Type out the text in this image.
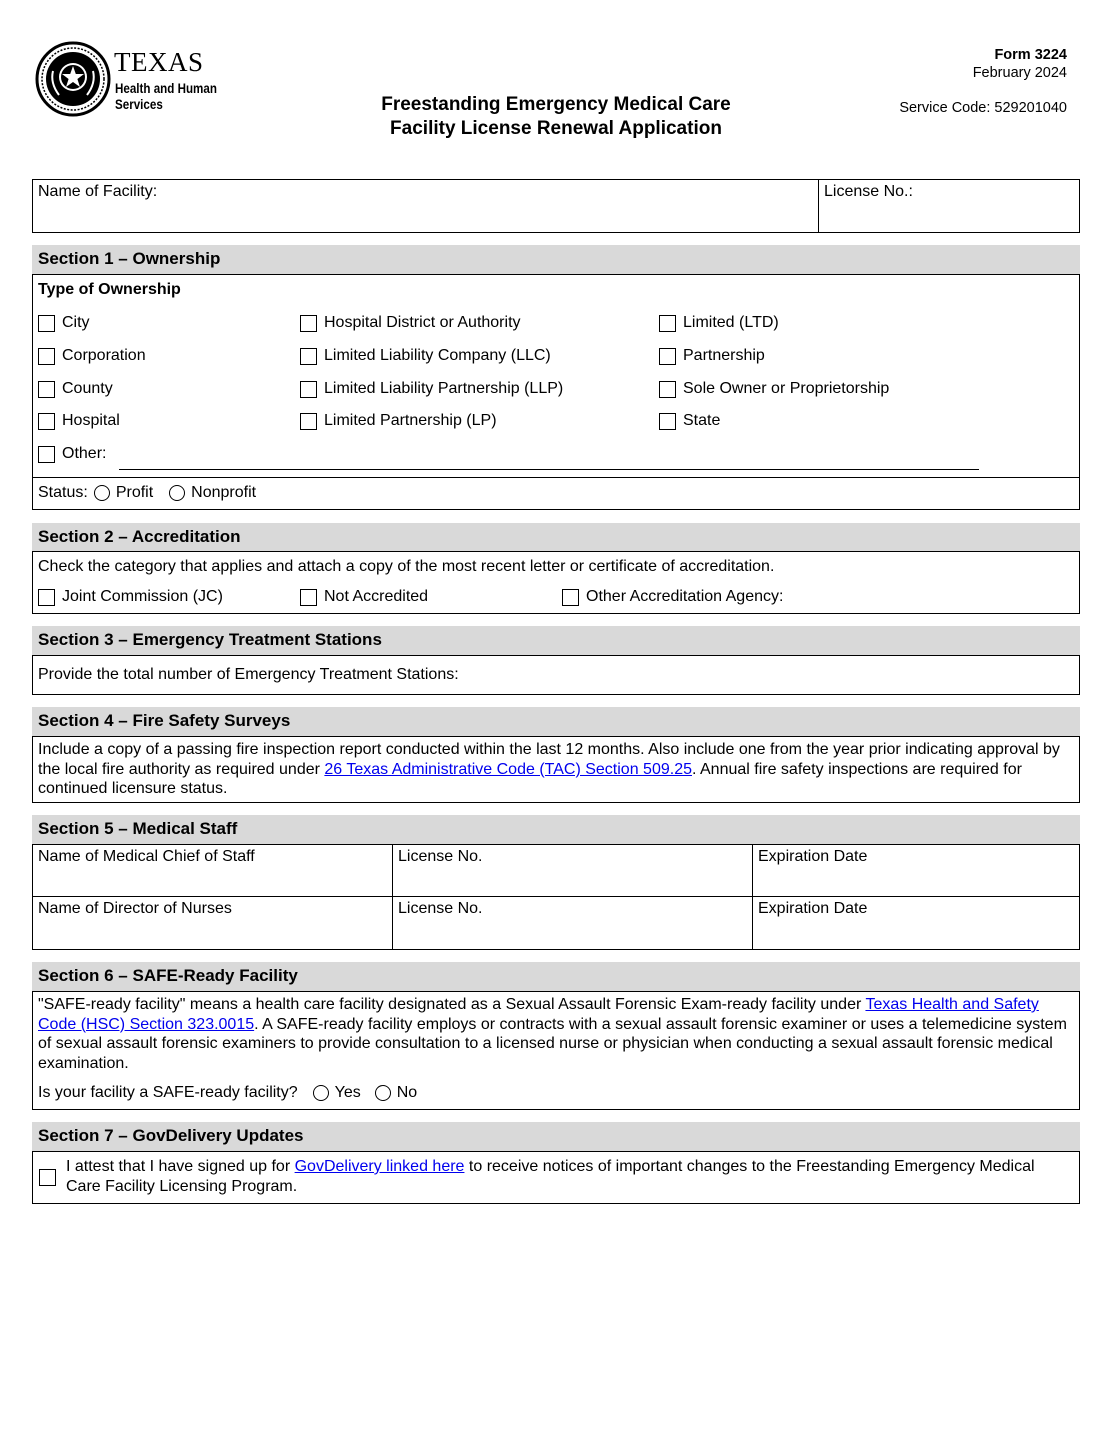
TEXAS
Health and Human
Services	Freestanding Emergency Medical Care
Facility License Renewal Application
Form 3224
February 2024
Service Code: 529201040
Name of Facility:	License No.:
Section 1 – Ownership
Type of Ownership
City	Hospital District or Authority	Limited (LTD)
Corporation	Limited Liability Company (LLC)	Partnership
County	Limited Liability Partnership (LLP)	Sole Owner or Proprietorship
Hospital	Limited Partnership (LP)	State
Other:
Status: Profit Nonprofit
Section 2 – Accreditation
Check the category that applies and attach a copy of the most recent letter or certificate of accreditation.
Joint Commission (JC)	Not Accredited	Other Accreditation Agency:
Section 3 – Emergency Treatment Stations
Provide the total number of Emergency Treatment Stations:
Section 4 – Fire Safety Surveys
Include a copy of a passing fire inspection report conducted within the last 12 months. Also include one from the year prior indicating approval by the local fire authority as required under 26 Texas Administrative Code (TAC) Section 509.25. Annual fire safety inspections are required for continued licensure status.
Section 5 – Medical Staff
Name of Medical Chief of Staff	License No.	Expiration Date
Name of Director of Nurses	License No.	Expiration Date
Section 6 – SAFE-Ready Facility
"SAFE-ready facility" means a health care facility designated as a Sexual Assault Forensic Exam-ready facility under Texas Health and Safety Code (HSC) Section 323.0015. A SAFE-ready facility employs or contracts with a sexual assault forensic examiner or uses a telemedicine system of sexual assault forensic examiners to provide consultation to a licensed nurse or physician when conducting a sexual assault forensic medical examination.
Is your facility a SAFE-ready facility? Yes No
Section 7 – GovDelivery Updates
I attest that I have signed up for GovDelivery linked here to receive notices of important changes to the Freestanding Emergency Medical Care Facility Licensing Program.
